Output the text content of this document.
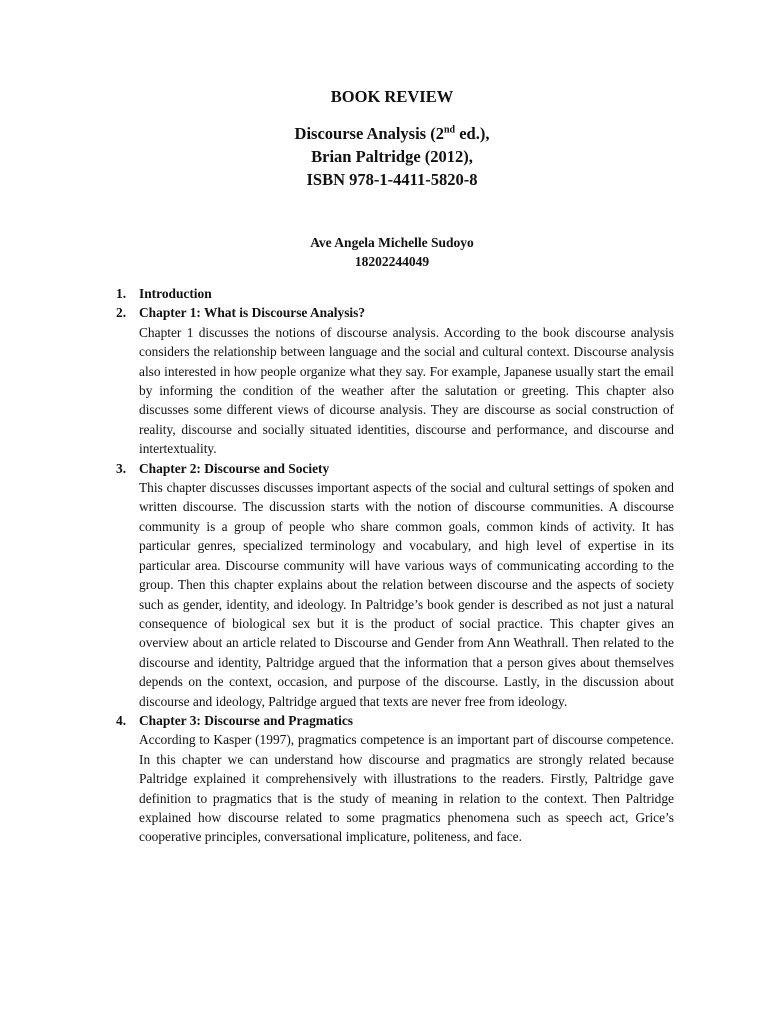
BOOK REVIEW
Discourse Analysis (2nd ed.),
Brian Paltridge (2012),
ISBN 978-1-4411-5820-8
Ave Angela Michelle Sudoyo
18202244049
1. Introduction
2. Chapter 1: What is Discourse Analysis?

Chapter 1 discusses the notions of discourse analysis. According to the book discourse analysis considers the relationship between language and the social and cultural context. Discourse analysis also interested in how people organize what they say. For example, Japanese usually start the email by informing the condition of the weather after the salutation or greeting. This chapter also discusses some different views of dicourse analysis. They are discourse as social construction of reality, discourse and socially situated identities, discourse and performance, and discourse and intertextuality.

3. Chapter 2: Discourse and Society

This chapter discusses discusses important aspects of the social and cultural settings of spoken and written discourse. The discussion starts with the notion of discourse communities. A discourse community is a group of people who share common goals, common kinds of activity. It has particular genres, specialized terminology and vocabulary, and high level of expertise in its particular area. Discourse community will have various ways of communicating according to the group. Then this chapter explains about the relation between discourse and the aspects of society such as gender, identity, and ideology. In Paltridge’s book gender is described as not just a natural consequence of biological sex but it is the product of social practice. This chapter gives an overview about an article related to Discourse and Gender from Ann Weathrall. Then related to the discourse and identity, Paltridge argued that the information that a person gives about themselves depends on the context, occasion, and purpose of the discourse. Lastly, in the discussion about discourse and ideology, Paltridge argued that texts are never free from ideology.

4. Chapter 3: Discourse and Pragmatics

According to Kasper (1997), pragmatics competence is an important part of discourse competence. In this chapter we can understand how discourse and pragmatics are strongly related because Paltridge explained it comprehensively with illustrations to the readers. Firstly, Paltridge gave definition to pragmatics that is the study of meaning in relation to the context. Then Paltridge explained how discourse related to some pragmatics phenomena such as speech act, Grice’s cooperative principles, conversational implicature, politeness, and face.
